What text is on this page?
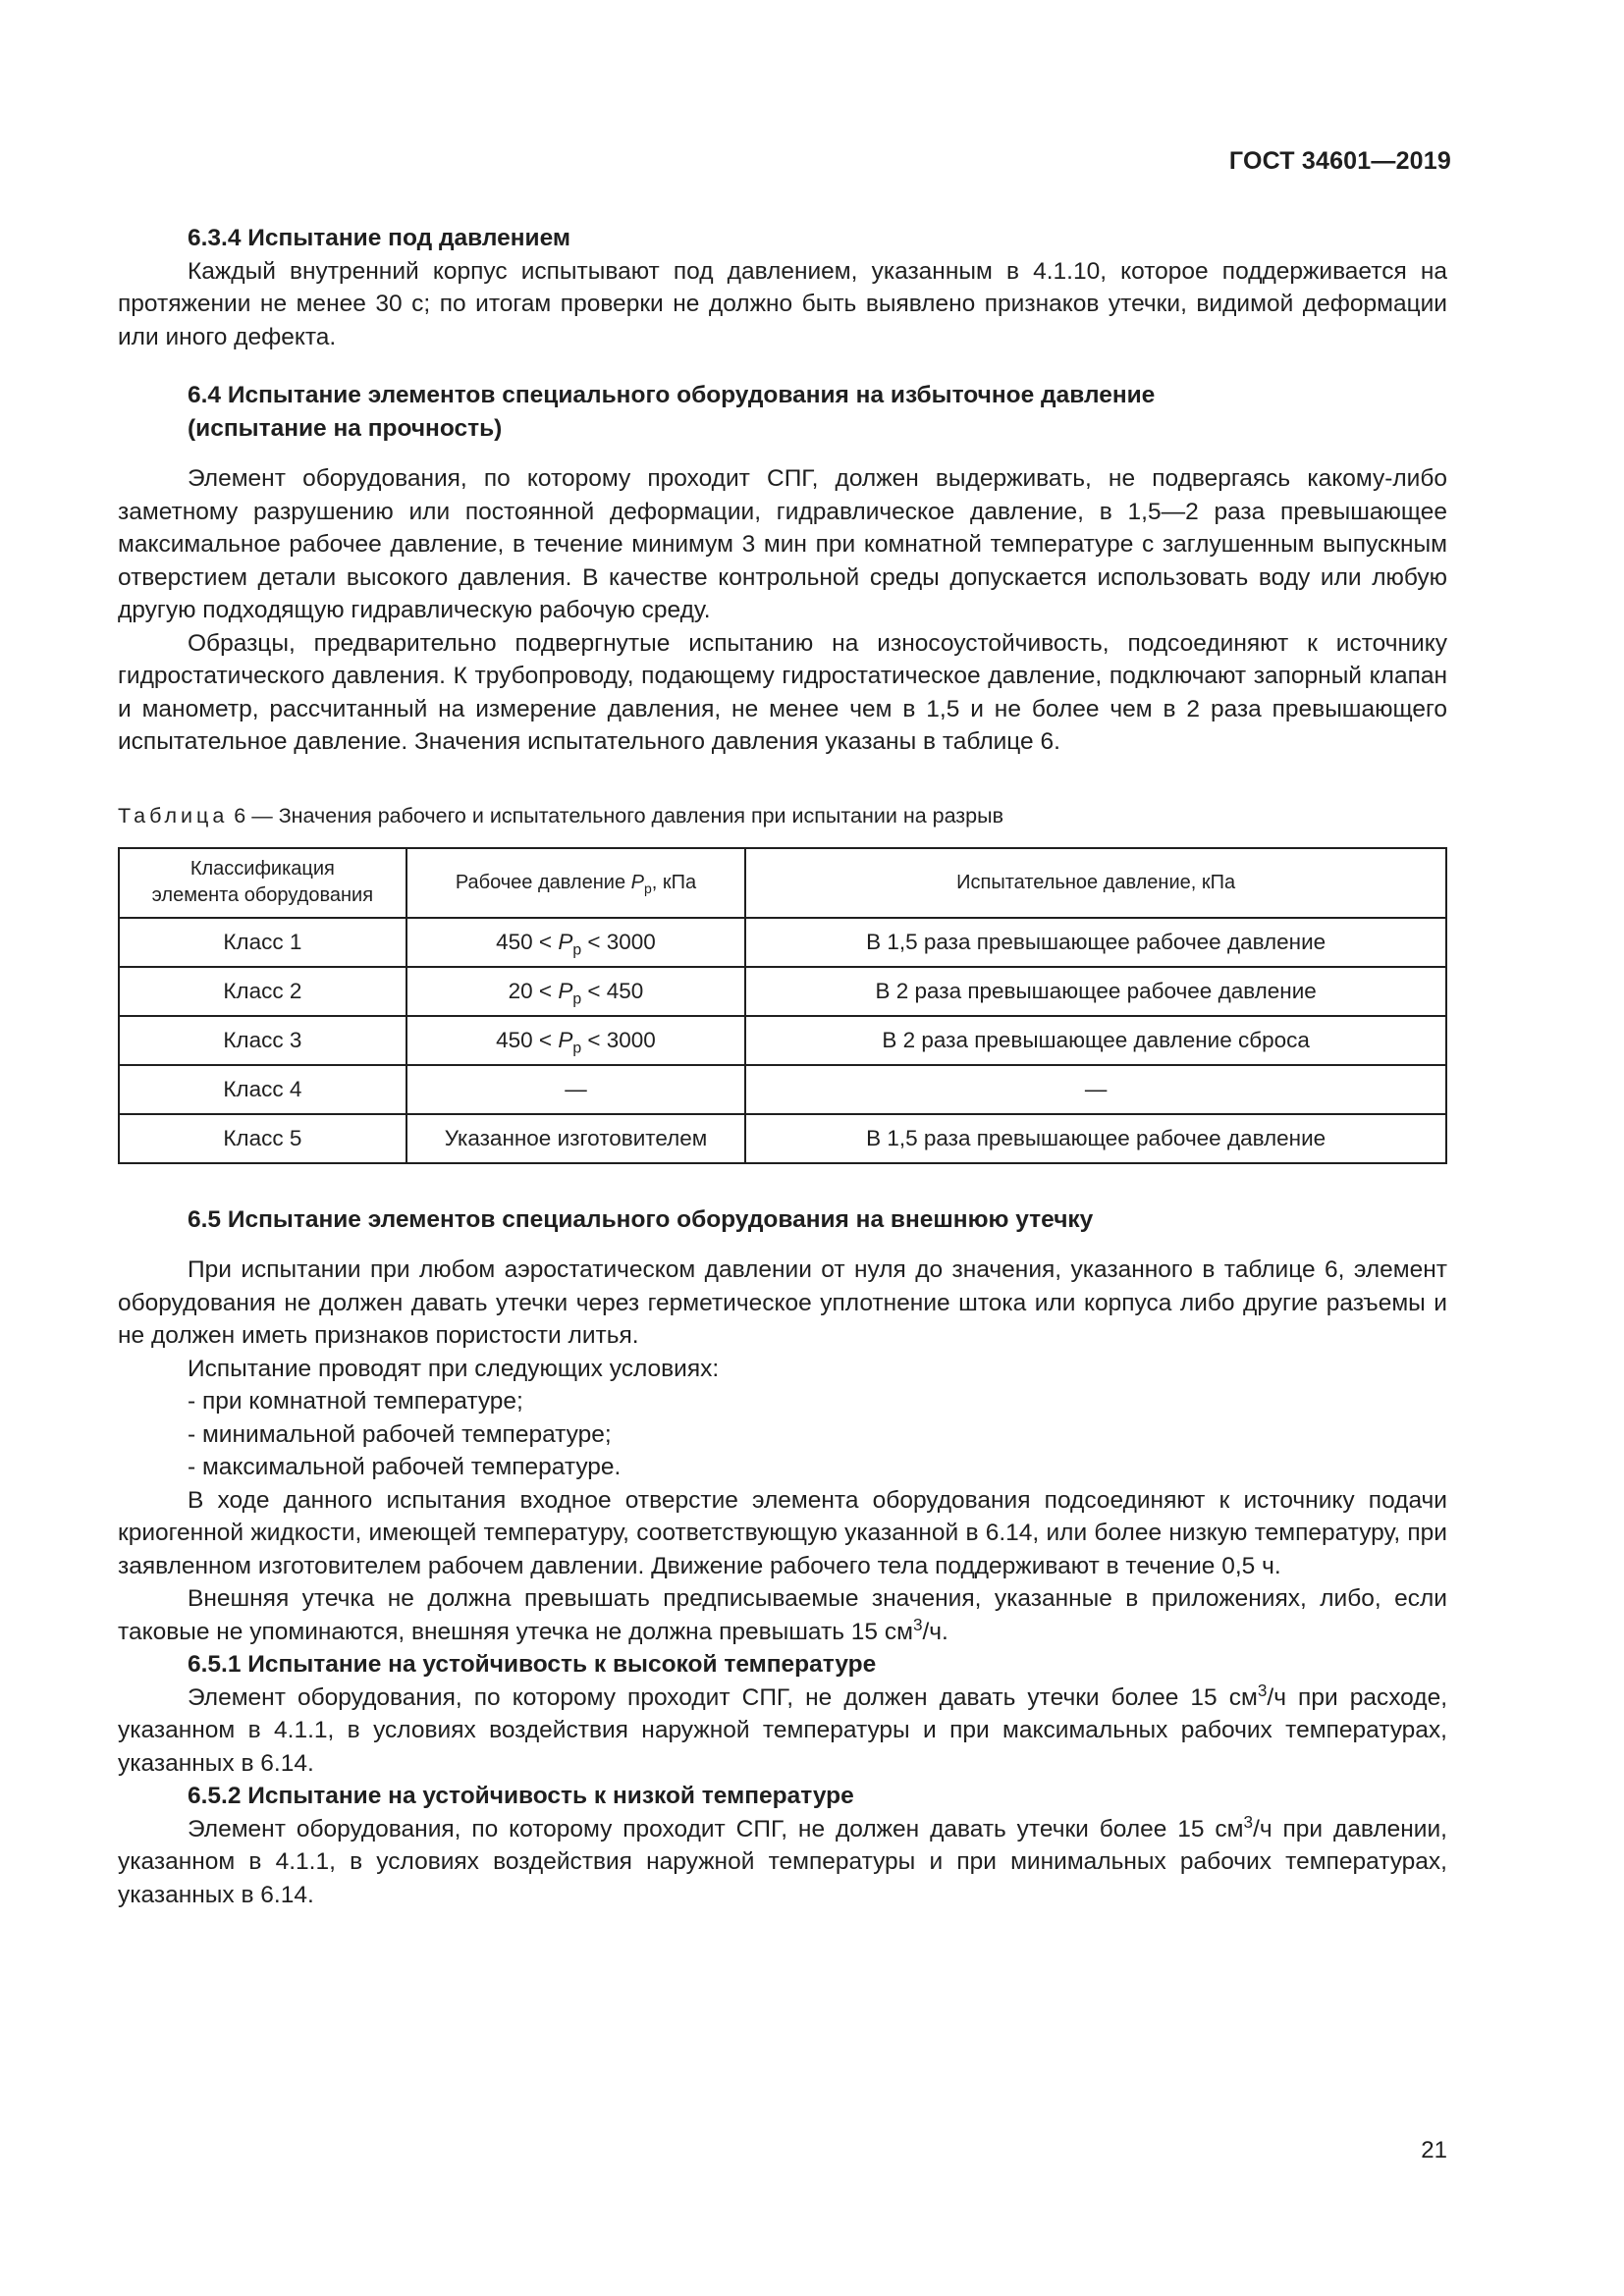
ГОСТ 34601—2019
6.3.4 Испытание под давлением
Каждый внутренний корпус испытывают под давлением, указанным в 4.1.10, которое поддерживается на протяжении не менее 30 с; по итогам проверки не должно быть выявлено признаков утечки, видимой деформации или иного дефекта.
6.4 Испытание элементов специального оборудования на избыточное давление
(испытание на прочность)
Элемент оборудования, по которому проходит СПГ, должен выдерживать, не подвергаясь какому-либо заметному разрушению или постоянной деформации, гидравлическое давление, в 1,5—2 раза превышающее максимальное рабочее давление, в течение минимум 3 мин при комнатной температуре с заглушенным выпускным отверстием детали высокого давления. В качестве контрольной среды допускается использовать воду или любую другую подходящую гидравлическую рабочую среду.
Образцы, предварительно подвергнутые испытанию на износоустойчивость, подсоединяют к источнику гидростатического давления. К трубопроводу, подающему гидростатическое давление, подключают запорный клапан и манометр, рассчитанный на измерение давления, не менее чем в 1,5 и не более чем в 2 раза превышающего испытательное давление. Значения испытательного давления указаны в таблице 6.
Таблица 6 — Значения рабочего и испытательного давления при испытании на разрыв
Классификация
элемента оборудования	Рабочее давление $P_р$, кПа	Испытательное давление, кПа
Класс 1	$450 < P_р < 3000$	В 1,5 раза превышающее рабочее давление
Класс 2	$20 < P_р < 450$	В 2 раза превышающее рабочее давление
Класс 3	$450 < P_р < 3000$	В 2 раза превышающее давление сброса
Класс 4	—	—
Класс 5	Указанное изготовителем	В 1,5 раза превышающее рабочее давление
6.5 Испытание элементов специального оборудования на внешнюю утечку
При испытании при любом аэростатическом давлении от нуля до значения, указанного в таблице 6, элемент оборудования не должен давать утечки через герметическое уплотнение штока или корпуса либо другие разъемы и не должен иметь признаков пористости литья.
Испытание проводят при следующих условиях:
- при комнатной температуре;
- минимальной рабочей температуре;
- максимальной рабочей температуре.
В ходе данного испытания входное отверстие элемента оборудования подсоединяют к источнику подачи криогенной жидкости, имеющей температуру, соответствующую указанной в 6.14, или более низкую температуру, при заявленном изготовителем рабочем давлении. Движение рабочего тела поддерживают в течение 0,5 ч.
Внешняя утечка не должна превышать предписываемые значения, указанные в приложениях, либо, если таковые не упоминаются, внешняя утечка не должна превышать 15 $см^3/ч$.
6.5.1 Испытание на устойчивость к высокой температуре
Элемент оборудования, по которому проходит СПГ, не должен давать утечки более 15 $см^3/ч$ при расходе, указанном в 4.1.1, в условиях воздействия наружной температуры и при максимальных рабочих температурах, указанных в 6.14.
6.5.2 Испытание на устойчивость к низкой температуре
Элемент оборудования, по которому проходит СПГ, не должен давать утечки более 15 $см^3/ч$ при давлении, указанном в 4.1.1, в условиях воздействия наружной температуры и при минимальных рабочих температурах, указанных в 6.14.
21
